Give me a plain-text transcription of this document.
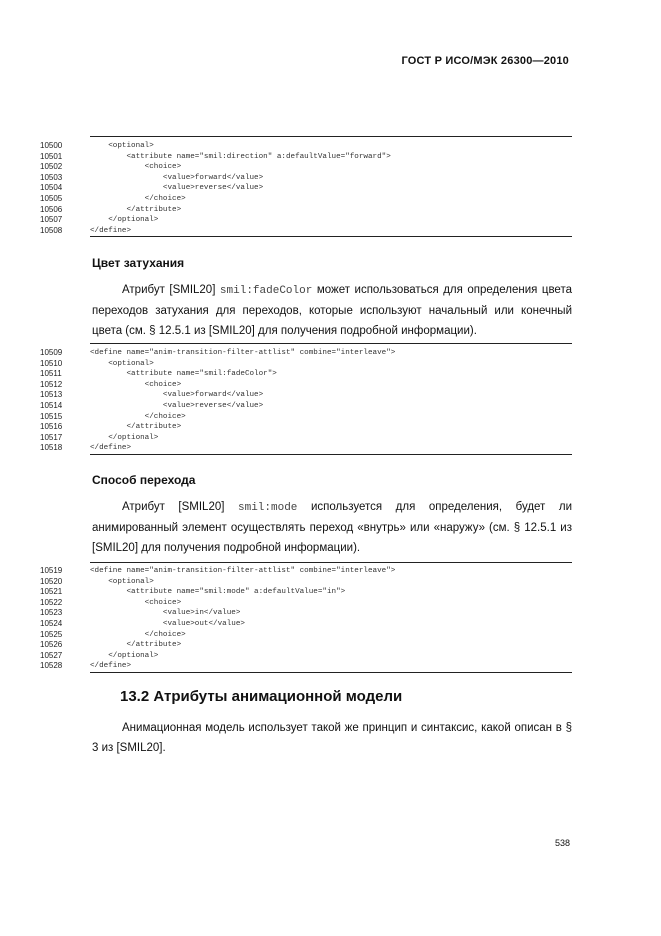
ГОСТ Р ИСО/МЭК 26300—2010
10500	<optional>
10501	<attribute name="smil:direction" a:defaultValue="forward">
10502	<choice>
10503	<value>forward</value>
10504	<value>reverse</value>
10505	</choice>
10506	</attribute>
10507	</optional>
10508	</define>
Цвет затухания
Атрибут [SMIL20] smil:fadeColor может использоваться для определения цвета переходов затухания для переходов, которые используют начальный или конечный цвета (см. § 12.5.1 из [SMIL20] для получения подробной информации).
10509	<define name="anim-transition-filter-attlist" combine="interleave">
10510	<optional>
10511	<attribute name="smil:fadeColor">
10512	<choice>
10513	<value>forward</value>
10514	<value>reverse</value>
10515	</choice>
10516	</attribute>
10517	</optional>
10518	</define>
Способ перехода
Атрибут [SMIL20] smil:mode используется для определения, будет ли анимированный элемент осуществлять переход «внутрь» или «наружу» (см. § 12.5.1 из [SMIL20] для получения подробной информации).
10519	<define name="anim-transition-filter-attlist" combine="interleave">
10520	<optional>
10521	<attribute name="smil:mode" a:defaultValue="in">
10522	<choice>
10523	<value>in</value>
10524	<value>out</value>
10525	</choice>
10526	</attribute>
10527	</optional>
10528	</define>
13.2 Атрибуты анимационной модели
Анимационная модель использует такой же принцип и синтаксис, какой описан в § 3 из [SMIL20].
538
